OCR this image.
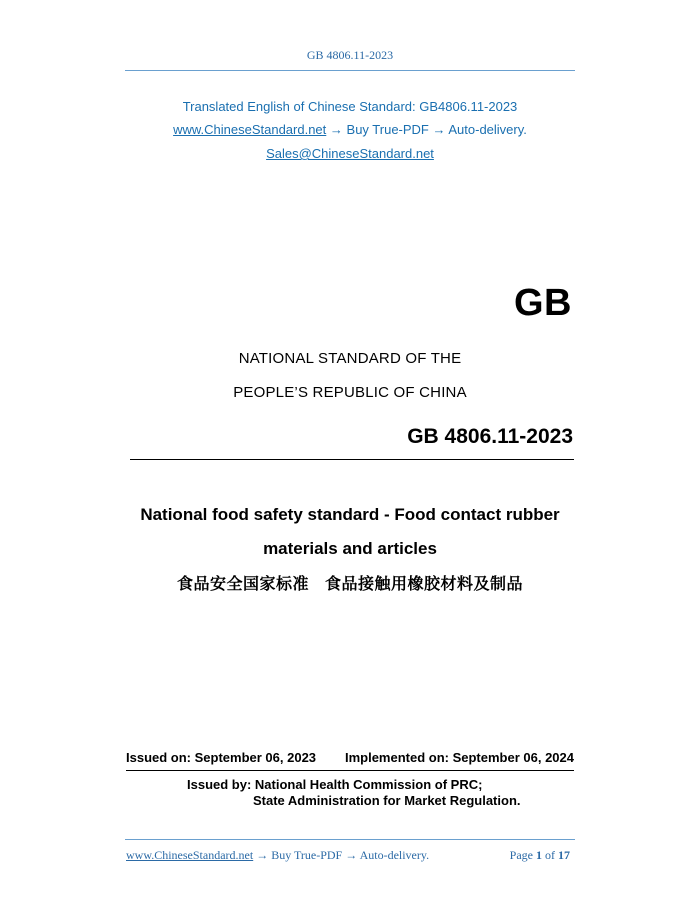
GB 4806.11-2023
Translated English of Chinese Standard: GB4806.11-2023
www.ChineseStandard.net → Buy True-PDF → Auto-delivery.
Sales@ChineseStandard.net
GB
NATIONAL STANDARD OF THE
PEOPLE’S REPUBLIC OF CHINA
GB 4806.11-2023
National food safety standard - Food contact rubber
materials and articles
食品安全国家标准 食品接触用橡胶材料及制品
Issued on: September 06, 2023 Implemented on: September 06, 2024
Issued by: National Health Commission of PRC;
State Administration for Market Regulation.
www.ChineseStandard.net → Buy True-PDF → Auto-delivery.	Page 1 of 17
